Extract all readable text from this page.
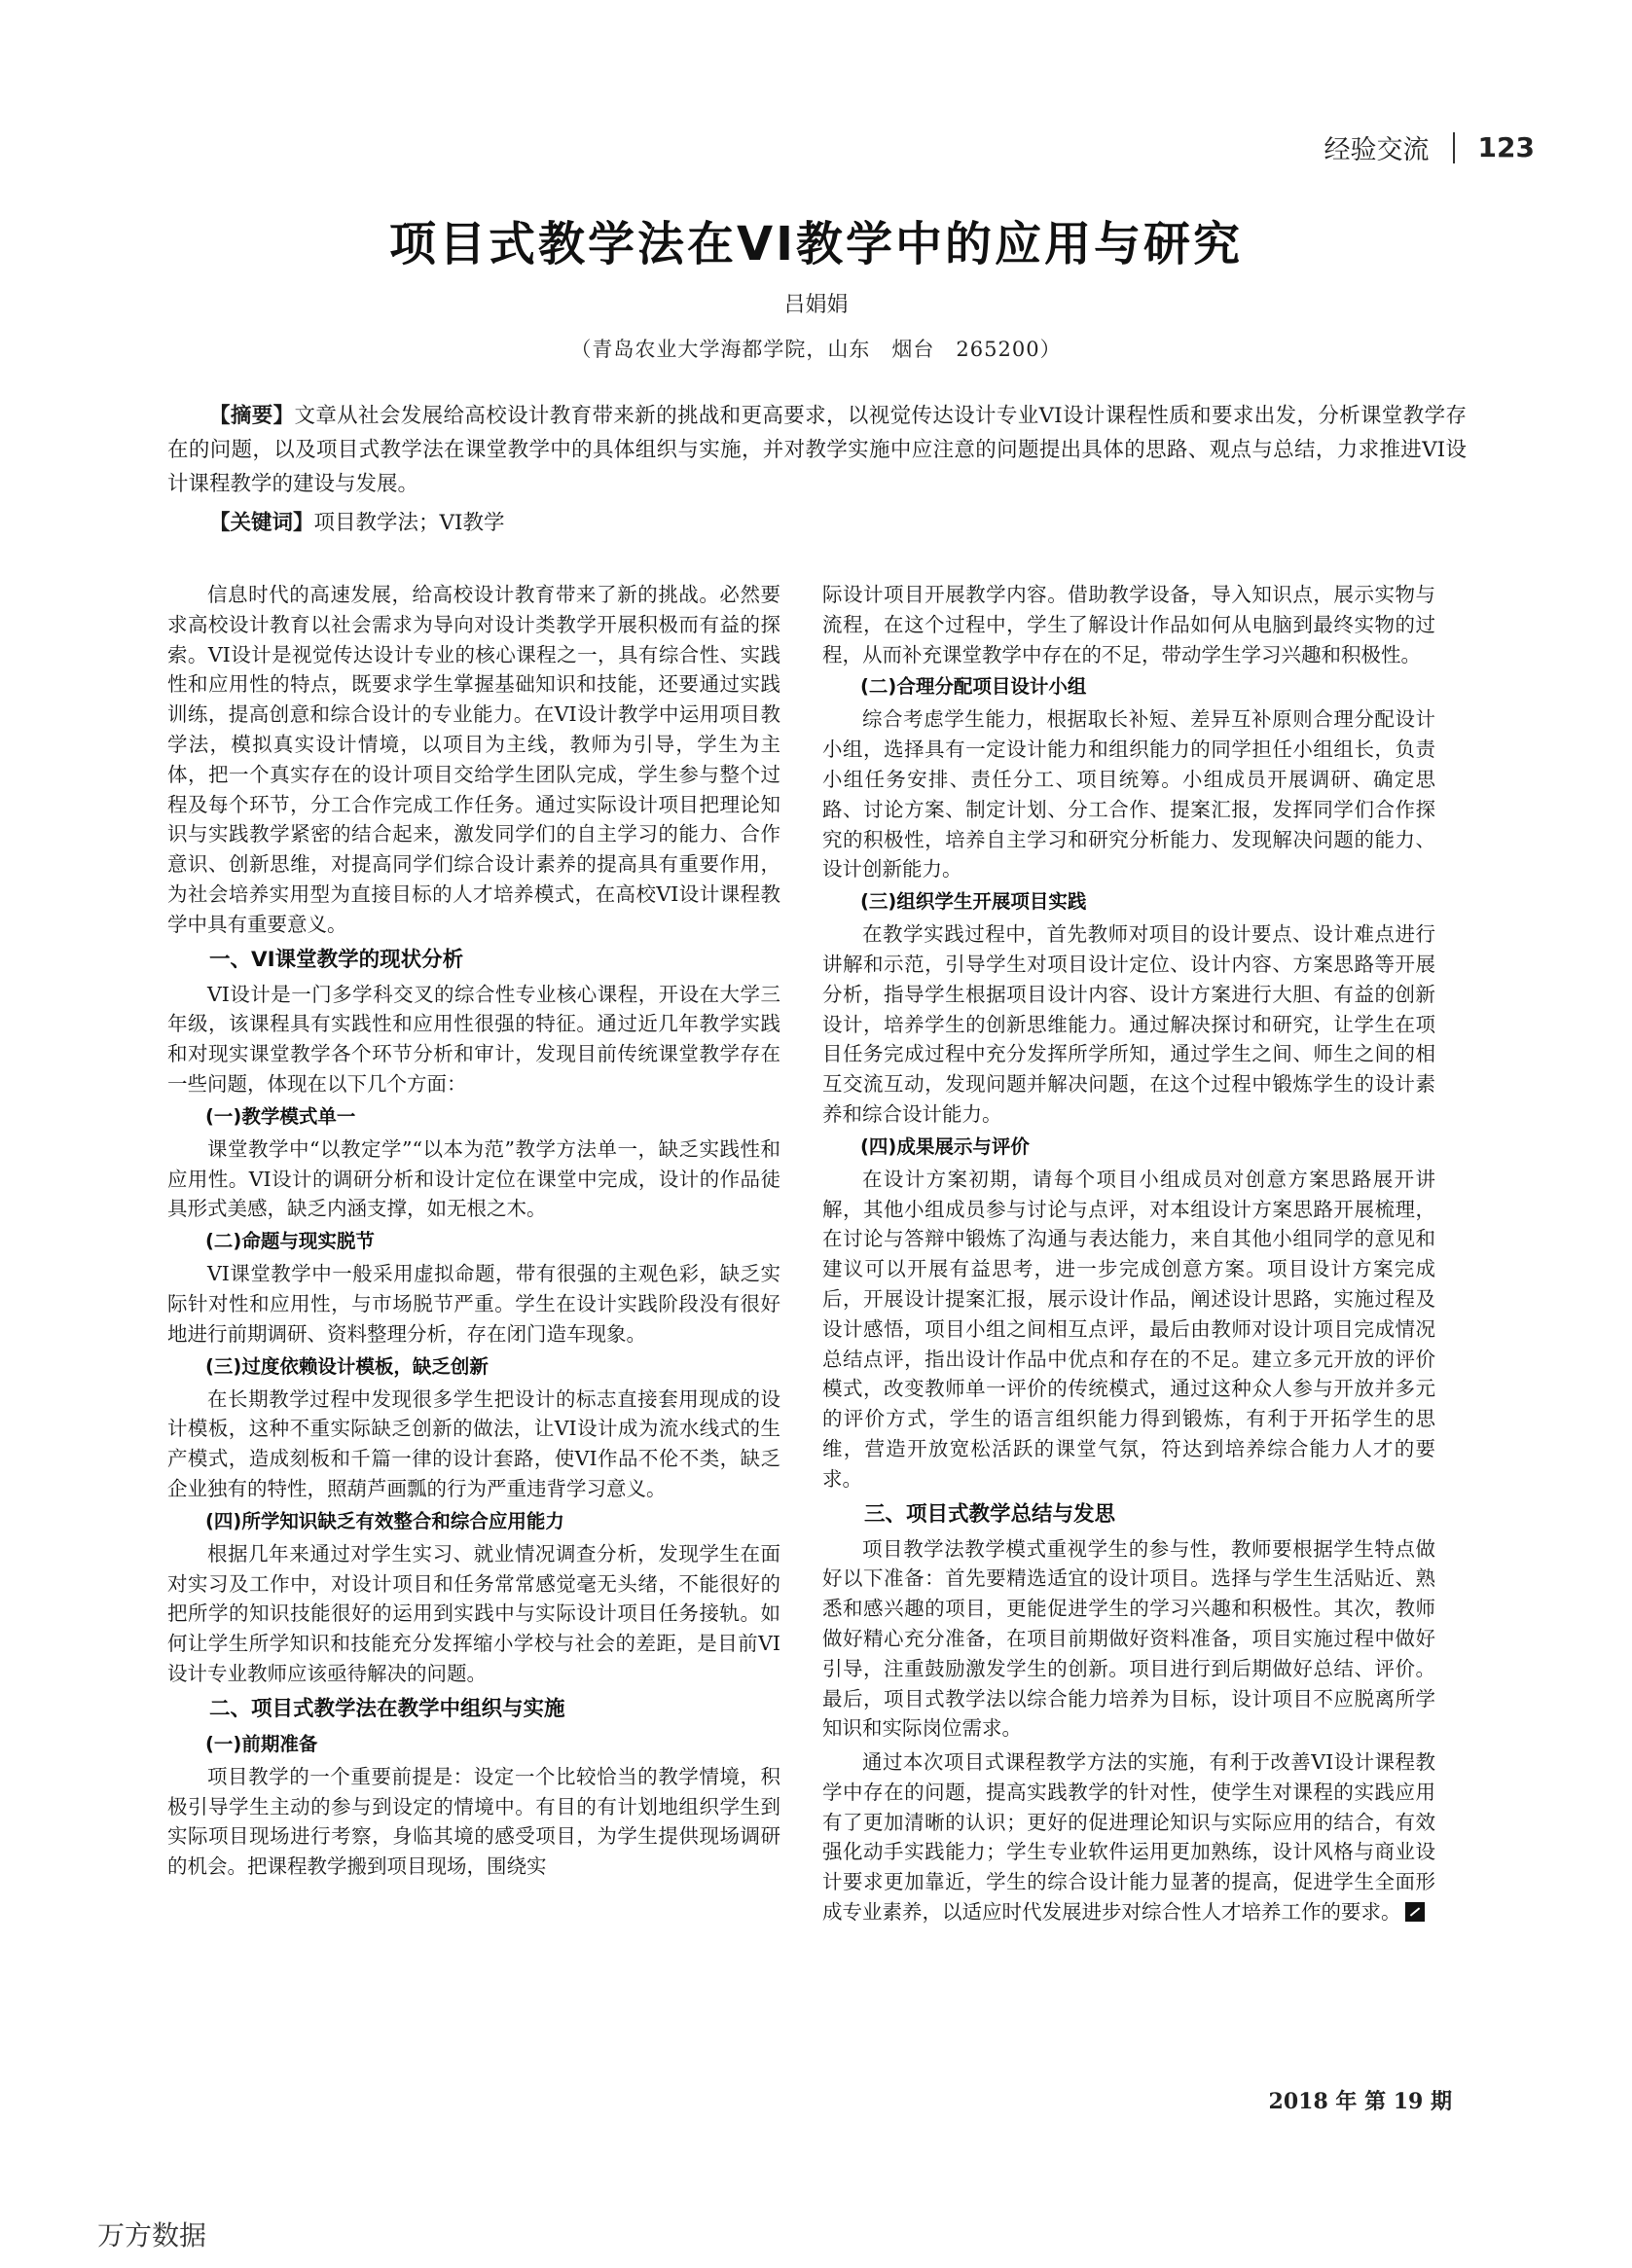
经验交流 123
项目式教学法在VI教学中的应用与研究
吕娟娟
（青岛农业大学海都学院，山东　烟台　265200）
【摘要】文章从社会发展给高校设计教育带来新的挑战和更高要求，以视觉传达设计专业VI设计课程性质和要求出发，分析课堂教学存在的问题，以及项目式教学法在课堂教学中的具体组织与实施，并对教学实施中应注意的问题提出具体的思路、观点与总结，力求推进VI设计课程教学的建设与发展。
【关键词】项目教学法；VI教学

信息时代的高速发展，给高校设计教育带来了新的挑战。必然要求高校设计教育以社会需求为导向对设计类教学开展积极而有益的探索。VI设计是视觉传达设计专业的核心课程之一，具有综合性、实践性和应用性的特点，既要求学生掌握基础知识和技能，还要通过实践训练，提高创意和综合设计的专业能力。在VI设计教学中运用项目教学法，模拟真实设计情境，以项目为主线，教师为引导，学生为主体，把一个真实存在的设计项目交给学生团队完成，学生参与整个过程及每个环节，分工合作完成工作任务。通过实际设计项目把理论知识与实践教学紧密的结合起来，激发同学们的自主学习的能力、合作意识、创新思维，对提高同学们综合设计素养的提高具有重要作用，为社会培养实用型为直接目标的人才培养模式，在高校VI设计课程教学中具有重要意义。

一、VI课堂教学的现状分析

VI设计是一门多学科交叉的综合性专业核心课程，开设在大学三年级，该课程具有实践性和应用性很强的特征。通过近几年教学实践和对现实课堂教学各个环节分析和审计，发现目前传统课堂教学存在一些问题，体现在以下几个方面：

(一)教学模式单一

课堂教学中“以教定学”“以本为范”教学方法单一，缺乏实践性和应用性。VI设计的调研分析和设计定位在课堂中完成，设计的作品徒具形式美感，缺乏内涵支撑，如无根之木。

(二)命题与现实脱节

VI课堂教学中一般采用虚拟命题，带有很强的主观色彩，缺乏实际针对性和应用性，与市场脱节严重。学生在设计实践阶段没有很好地进行前期调研、资料整理分析，存在闭门造车现象。

(三)过度依赖设计模板，缺乏创新

在长期教学过程中发现很多学生把设计的标志直接套用现成的设计模板，这种不重实际缺乏创新的做法，让VI设计成为流水线式的生产模式，造成刻板和千篇一律的设计套路，使VI作品不伦不类，缺乏企业独有的特性，照葫芦画瓢的行为严重违背学习意义。

(四)所学知识缺乏有效整合和综合应用能力

根据几年来通过对学生实习、就业情况调查分析，发现学生在面对实习及工作中，对设计项目和任务常常感觉毫无头绪，不能很好的把所学的知识技能很好的运用到实践中与实际设计项目任务接轨。如何让学生所学知识和技能充分发挥缩小学校与社会的差距，是目前VI设计专业教师应该亟待解决的问题。

二、项目式教学法在教学中组织与实施
(一)前期准备

项目教学的一个重要前提是：设定一个比较恰当的教学情境，积极引导学生主动的参与到设定的情境中。有目的有计划地组织学生到实际项目现场进行考察，身临其境的感受项目，为学生提供现场调研的机会。把课程教学搬到项目现场，围绕实

际设计项目开展教学内容。借助教学设备，导入知识点，展示实物与流程，在这个过程中，学生了解设计作品如何从电脑到最终实物的过程，从而补充课堂教学中存在的不足，带动学生学习兴趣和积极性。

(二)合理分配项目设计小组

综合考虑学生能力，根据取长补短、差异互补原则合理分配设计小组，选择具有一定设计能力和组织能力的同学担任小组组长，负责小组任务安排、责任分工、项目统筹。小组成员开展调研、确定思路、讨论方案、制定计划、分工合作、提案汇报，发挥同学们合作探究的积极性，培养自主学习和研究分析能力、发现解决问题的能力、设计创新能力。

(三)组织学生开展项目实践

在教学实践过程中，首先教师对项目的设计要点、设计难点进行讲解和示范，引导学生对项目设计定位、设计内容、方案思路等开展分析，指导学生根据项目设计内容、设计方案进行大胆、有益的创新设计，培养学生的创新思维能力。通过解决探讨和研究，让学生在项目任务完成过程中充分发挥所学所知，通过学生之间、师生之间的相互交流互动，发现问题并解决问题，在这个过程中锻炼学生的设计素养和综合设计能力。

(四)成果展示与评价

在设计方案初期，请每个项目小组成员对创意方案思路展开讲解，其他小组成员参与讨论与点评，对本组设计方案思路开展梳理，在讨论与答辩中锻炼了沟通与表达能力，来自其他小组同学的意见和建议可以开展有益思考，进一步完成创意方案。项目设计方案完成后，开展设计提案汇报，展示设计作品，阐述设计思路，实施过程及设计感悟，项目小组之间相互点评，最后由教师对设计项目完成情况总结点评，指出设计作品中优点和存在的不足。建立多元开放的评价模式，改变教师单一评价的传统模式，通过这种众人参与开放并多元的评价方式，学生的语言组织能力得到锻炼，有利于开拓学生的思维，营造开放宽松活跃的课堂气氛，符达到培养综合能力人才的要求。

三、项目式教学总结与发思

项目教学法教学模式重视学生的参与性，教师要根据学生特点做好以下准备：首先要精选适宜的设计项目。选择与学生生活贴近、熟悉和感兴趣的项目，更能促进学生的学习兴趣和积极性。其次，教师做好精心充分准备，在项目前期做好资料准备，项目实施过程中做好引导，注重鼓励激发学生的创新。项目进行到后期做好总结、评价。最后，项目式教学法以综合能力培养为目标，设计项目不应脱离所学知识和实际岗位需求。

通过本次项目式课程教学方法的实施，有利于改善VI设计课程教学中存在的问题，提高实践教学的针对性，使学生对课程的实践应用有了更加清晰的认识；更好的促进理论知识与实际应用的结合，有效强化动手实践能力；学生专业软件运用更加熟练，设计风格与商业设计要求更加靠近，学生的综合设计能力显著的提高，促进学生全面形成专业素养，以适应时代发展进步对综合性人才培养工作的要求。

2018 年 第 19 期
万方数据
